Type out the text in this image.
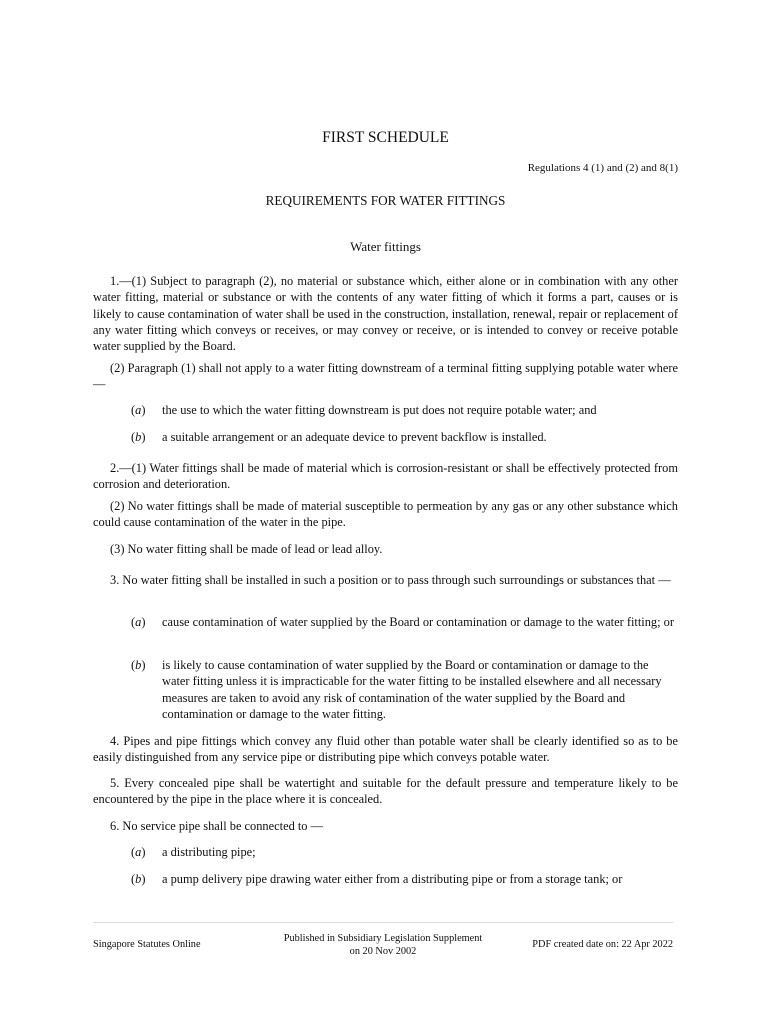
FIRST SCHEDULE
Regulations 4 (1) and (2) and 8(1)
REQUIREMENTS FOR WATER FITTINGS
Water fittings

1.—(1) Subject to paragraph (2), no material or substance which, either alone or in combination with any other water fitting, material or substance or with the contents of any water fitting of which it forms a part, causes or is likely to cause contamination of water shall be used in the construction, installation, renewal, repair or replacement of any water fitting which conveys or receives, or may convey or receive, or is intended to convey or receive potable water supplied by the Board.

(2) Paragraph (1) shall not apply to a water fitting downstream of a terminal fitting supplying potable water where —

(a) the use to which the water fitting downstream is put does not require potable water; and
(b) a suitable arrangement or an adequate device to prevent backflow is installed.

2.—(1) Water fittings shall be made of material which is corrosion-resistant or shall be effectively protected from corrosion and deterioration.

(2) No water fittings shall be made of material susceptible to permeation by any gas or any other substance which could cause contamination of the water in the pipe.

(3) No water fitting shall be made of lead or lead alloy.

3. No water fitting shall be installed in such a position or to pass through such surroundings or substances that —

(a) cause contamination of water supplied by the Board or contamination or damage to the water fitting; or
(b) is likely to cause contamination of water supplied by the Board or contamination or damage to the water fitting unless it is impracticable for the water fitting to be installed elsewhere and all necessary measures are taken to avoid any risk of contamination of the water supplied by the Board and contamination or damage to the water fitting.

4. Pipes and pipe fittings which convey any fluid other than potable water shall be clearly identified so as to be easily distinguished from any service pipe or distributing pipe which conveys potable water.

5. Every concealed pipe shall be watertight and suitable for the default pressure and temperature likely to be encountered by the pipe in the place where it is concealed.

6. No service pipe shall be connected to —

(a) a distributing pipe;
(b) a pump delivery pipe drawing water either from a distributing pipe or from a storage tank; or
Singapore Statutes Online
Published in Subsidiary Legislation Supplement
on 20 Nov 2002
PDF created date on: 22 Apr 2022
